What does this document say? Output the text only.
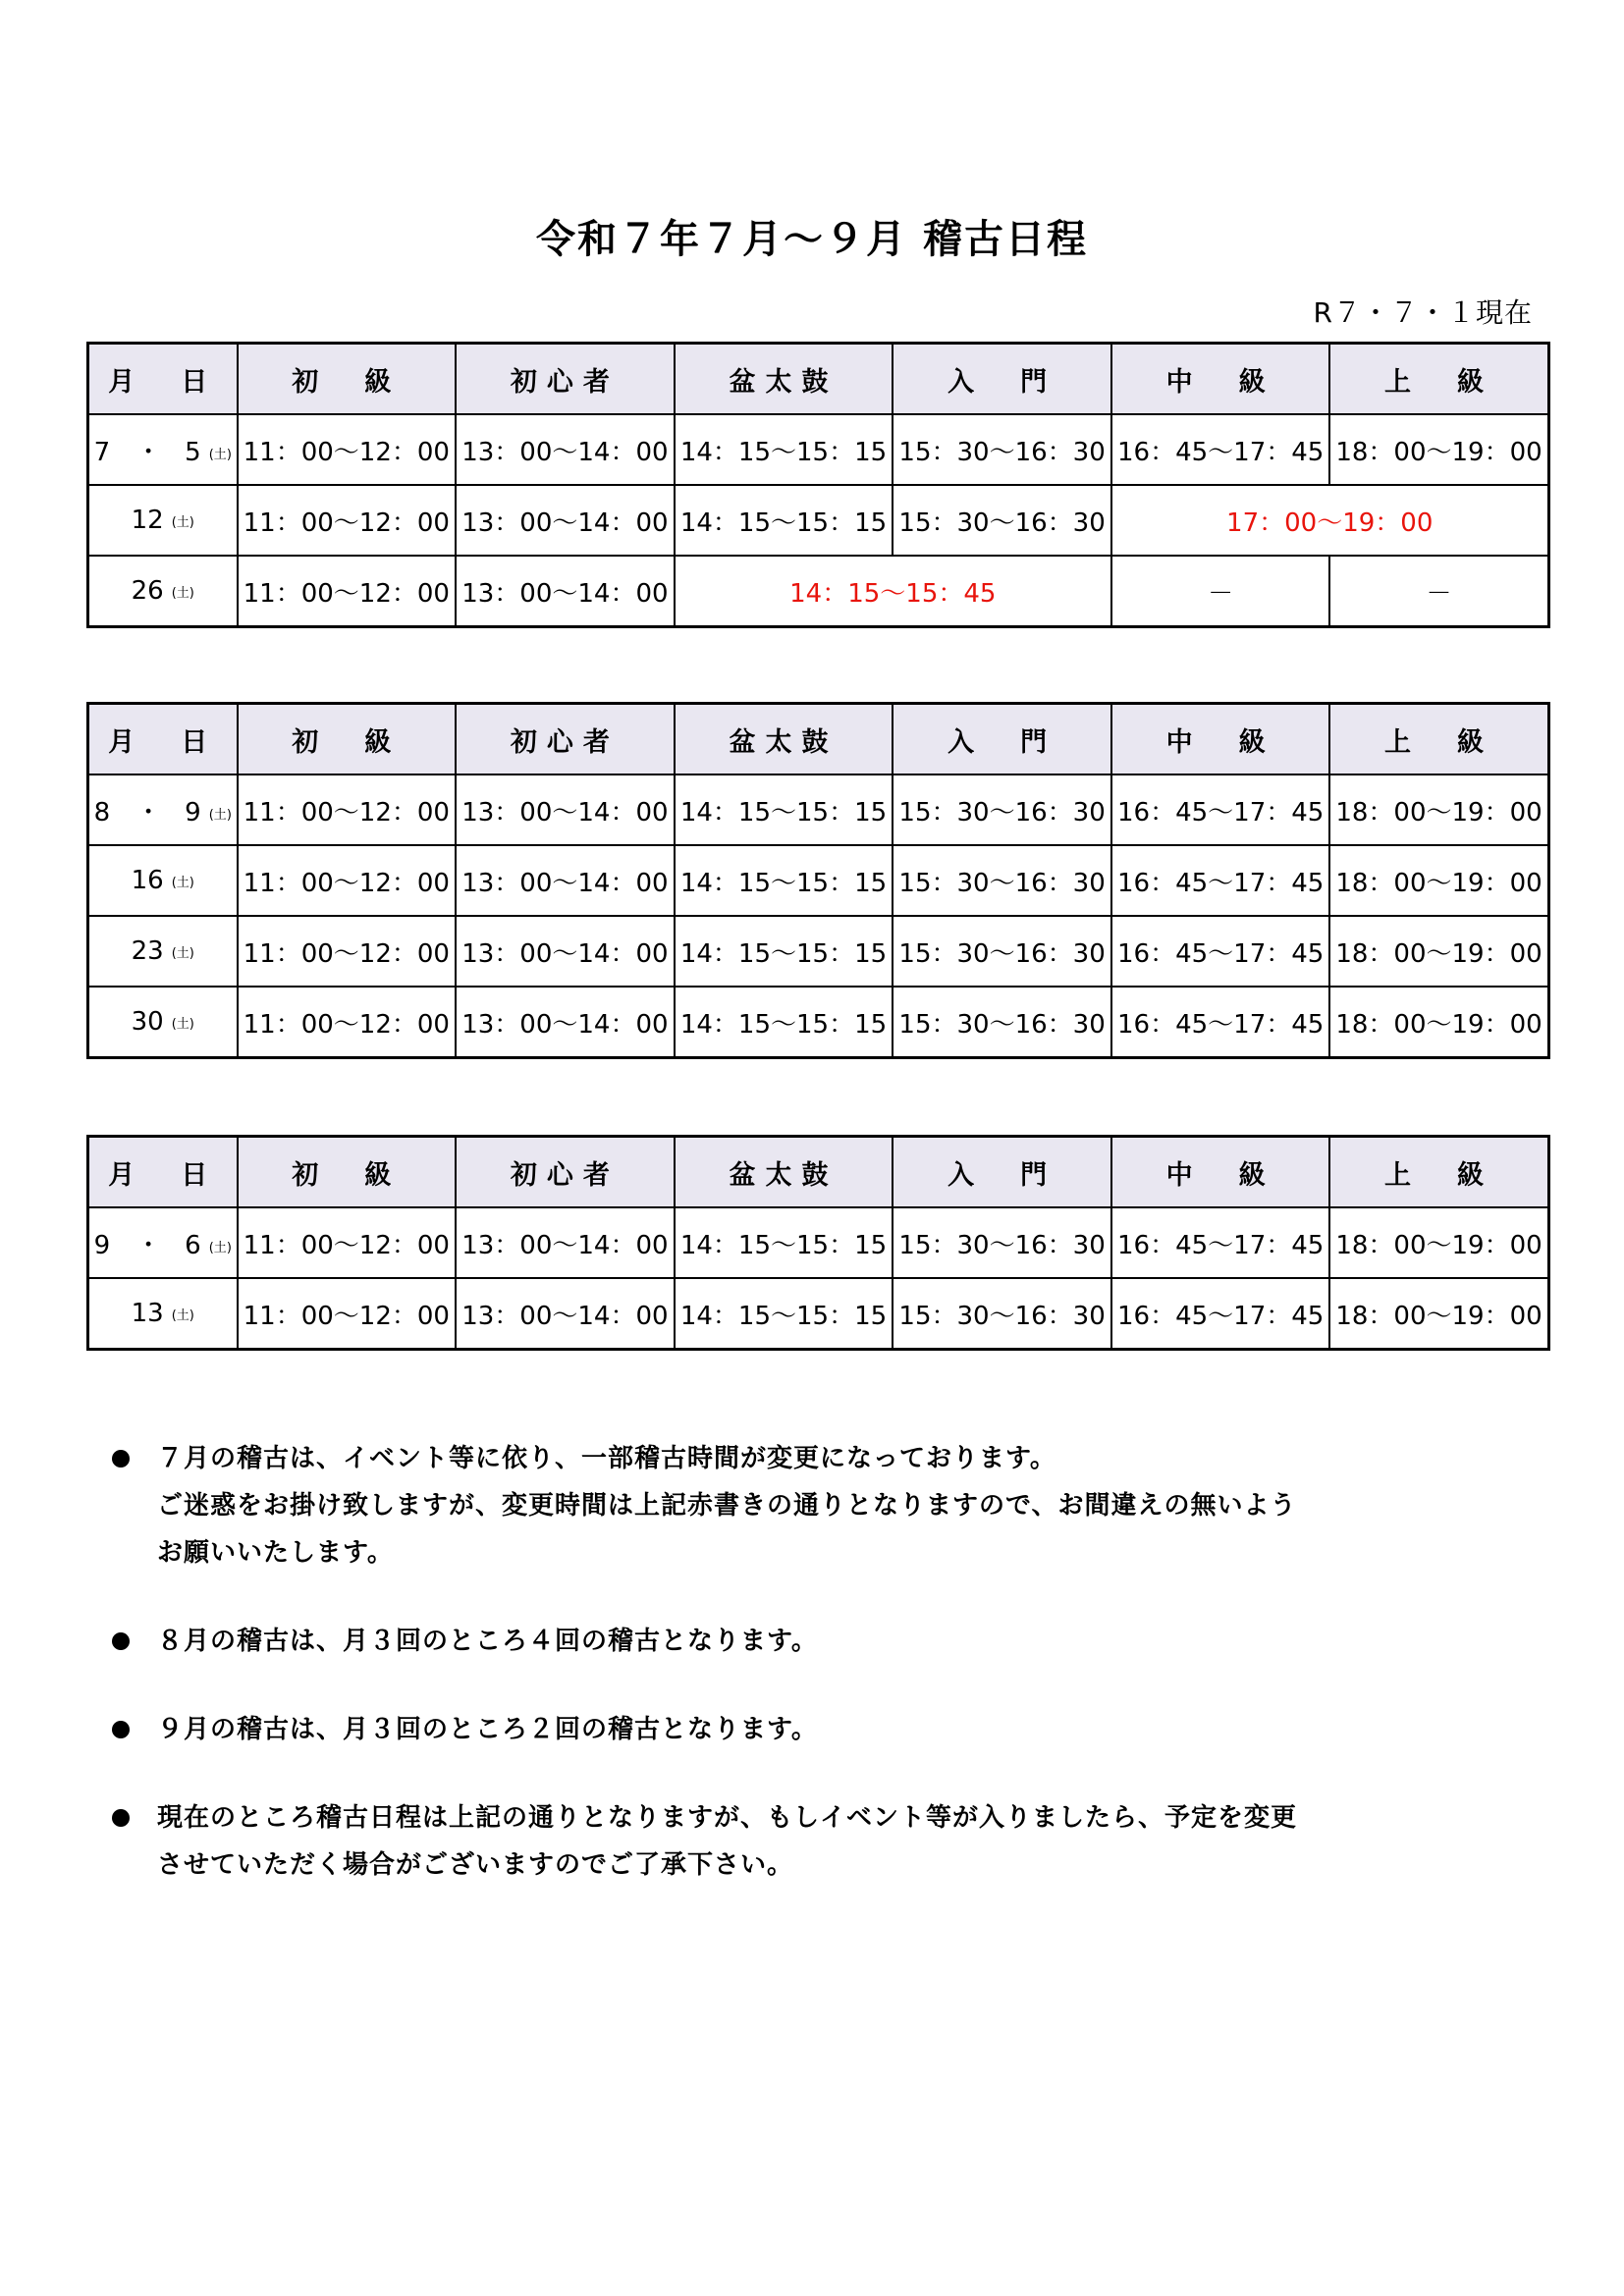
令和７年７月～９月 稽古日程
R７・７・１現在
月　日	初　級	初心者	盆太鼓	入　門	中　級	上　級
7　・ 5 (土)	11：00～12：00	13：00～14：00	14：15～15：15	15：30～16：30	16：45～17：45	18：00～19：00
12 (土)	11：00～12：00	13：00～14：00	14：15～15：15	15：30～16：30	17：00～19：00	
26 (土)	11：00～12：00	13：00～14：00	14：15～15：45		－	－
月　日	初　級	初心者	盆太鼓	入　門	中　級	上　級
8　・ 9 (土)	11：00～12：00	13：00～14：00	14：15～15：15	15：30～16：30	16：45～17：45	18：00～19：00
16 (土)	11：00～12：00	13：00～14：00	14：15～15：15	15：30～16：30	16：45～17：45	18：00～19：00
23 (土)	11：00～12：00	13：00～14：00	14：15～15：15	15：30～16：30	16：45～17：45	18：00～19：00
30 (土)	11：00～12：00	13：00～14：00	14：15～15：15	15：30～16：30	16：45～17：45	18：00～19：00
月　日	初　級	初心者	盆太鼓	入　門	中　級	上　級
9　・ 6 (土)	11：00～12：00	13：00～14：00	14：15～15：15	15：30～16：30	16：45～17：45	18：00～19：00
13 (土)	11：00～12：00	13：00～14：00	14：15～15：15	15：30～16：30	16：45～17：45	18：00～19：00
７月の稽古は、イベント等に依り、一部稽古時間が変更になっております。
ご迷惑をお掛け致しますが、変更時間は上記赤書きの通りとなりますので、お間違えの無いよう
お願いいたします。
８月の稽古は、月３回のところ４回の稽古となります。
９月の稽古は、月３回のところ２回の稽古となります。
現在のところ稽古日程は上記の通りとなりますが、もしイベント等が入りましたら、予定を変更
させていただく場合がございますのでご了承下さい。
